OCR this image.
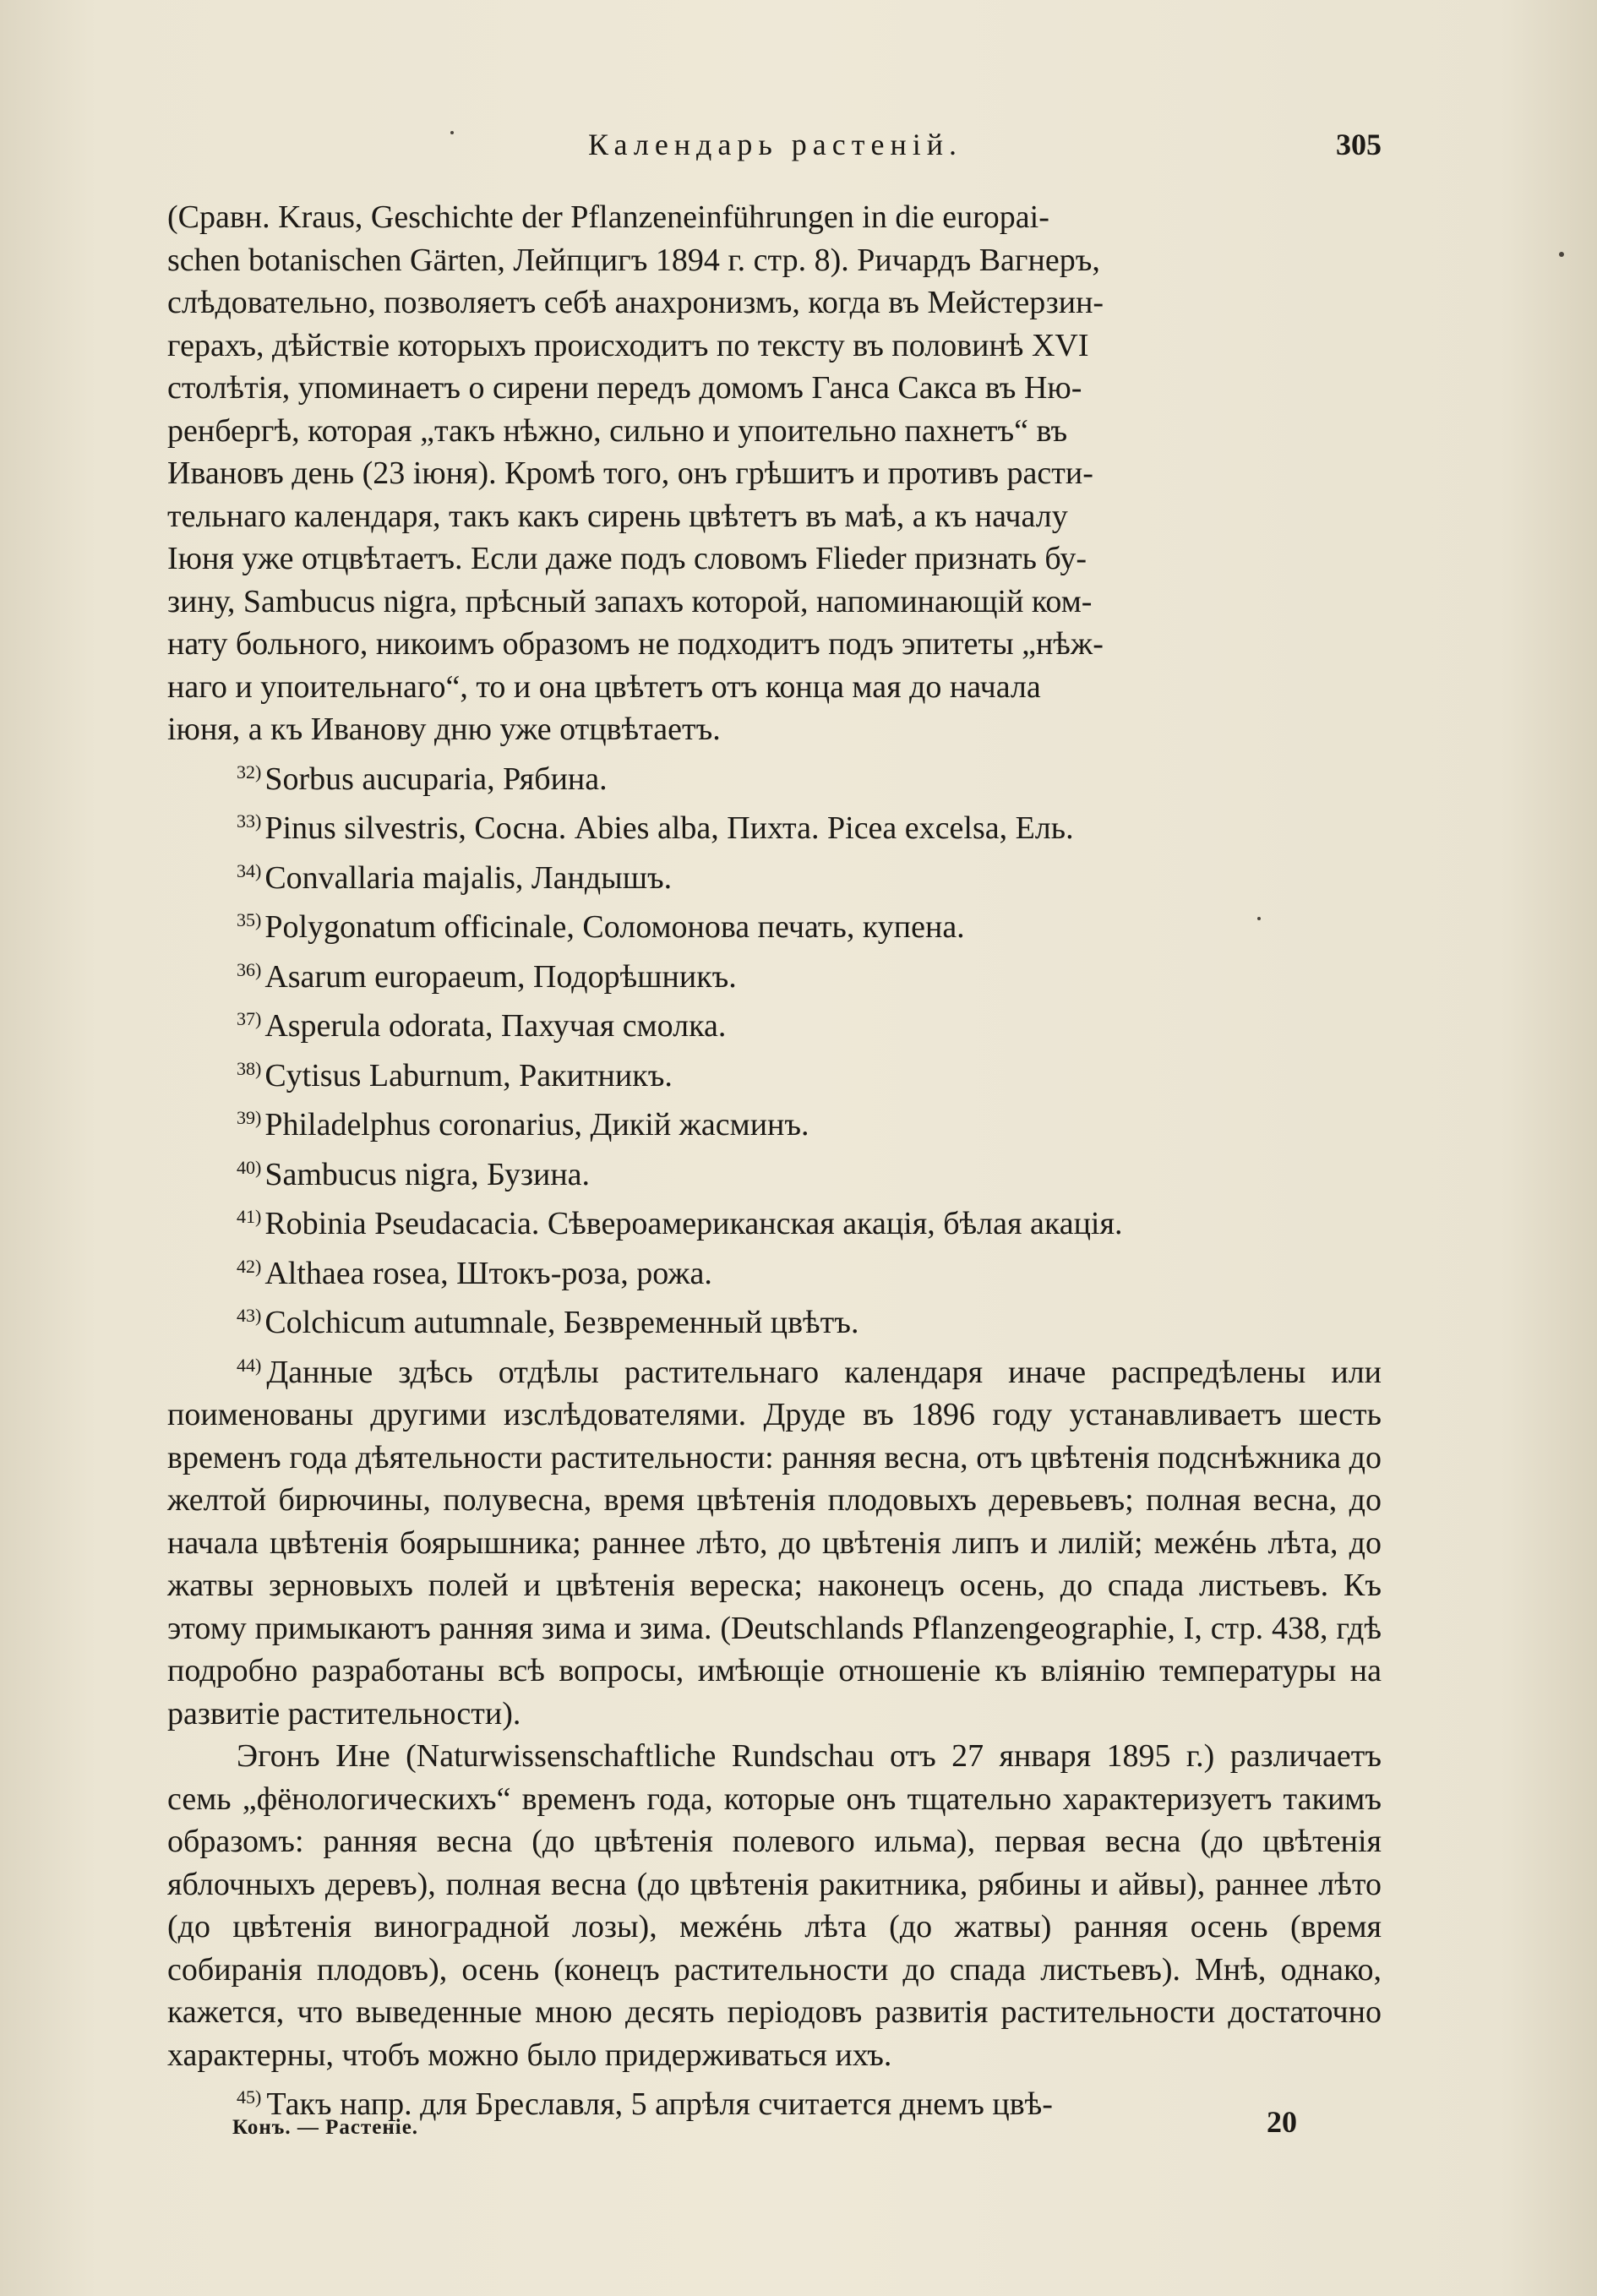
Календарь растеній.	305
(Сравн. Kraus, Geschichte der Pflanzeneinführungen in die europai-
schen botanischen Gärten, Лейпцигъ 1894 г. стр. 8). Ричардъ Вагнеръ,
слѣдовательно, позволяетъ себѣ анахронизмъ, когда въ Мейстерзин-
герахъ, дѣйствіе которыхъ происходитъ по тексту въ половинѣ XVI
столѣтія, упоминаетъ о сирени передъ домомъ Ганса Сакса въ Ню-
ренбергѣ, которая „такъ нѣжно, сильно и упоительно пахнетъ“ въ
Ивановъ день (23 іюня). Кромѣ того, онъ грѣшитъ и противъ расти-
тельнаго календаря, такъ какъ сирень цвѣтетъ въ маѣ, а къ началу
Іюня уже отцвѣтаетъ. Если даже подъ словомъ Flieder признать бу-
зину, Sambucus nigra, прѣсный запахъ которой, напоминающій ком-
нату больного, никоимъ образомъ не подходитъ подъ эпитеты „нѣж-
наго и упоительнаго“, то и она цвѣтетъ отъ конца мая до начала
іюня, а къ Иванову дню уже отцвѣтаетъ.
$^{32)}$ Sorbus aucuparia, Рябина.
$^{33)}$ Pinus silvestris, Сосна. Abies alba, Пихта. Picea excelsa, Ель.
$^{34)}$ Convallaria majalis, Ландышъ.
$^{35)}$ Polygonatum officinale, Соломонова печать, купена.
$^{36)}$ Asarum europaeum, Подорѣшникъ.
$^{37)}$ Asperula odorata, Пахучая смолка.
$^{38)}$ Cytisus Laburnum, Ракитникъ.
$^{39)}$ Philadelphus coronarius, Дикій жасминъ.
$^{40)}$ Sambucus nigra, Бузина.
$^{41)}$ Robinia Pseudacacia. Сѣвероамериканская акація, бѣлая акація.
$^{42)}$ Althaea rosea, Штокъ-роза, рожа.
$^{43)}$ Colchicum autumnale, Безвременный цвѣтъ.

$^{44)}$ Данные здѣсь отдѣлы растительнаго календаря иначе распредѣлены или поименованы другими изслѣдователями. Друде въ 1896 году устанавливаетъ шесть временъ года дѣятельности растительности: ранняя весна, отъ цвѣтенія подснѣжника до желтой бирючины, полувесна, время цвѣтенія плодовыхъ деревьевъ; полная весна, до начала цвѣтенія боярышника; раннее лѣто, до цвѣтенія липъ и лилій; межéнь лѣта, до жатвы зерновыхъ полей и цвѣтенія вереска; наконецъ осень, до спада листьевъ. Къ этому примыкаютъ ранняя зима и зима. (Deutschlands Pflanzengeographie, I, стр. 438, гдѣ подробно разработаны всѣ вопросы, имѣющіе отношеніе къ вліянію температуры на развитіе растительности).

Эгонъ Ине (Naturwissenschaftliche Rundschau отъ 27 января 1895 г.) различаетъ семь „фёнологическихъ“ временъ года, которые онъ тщательно характеризуетъ такимъ образомъ: ранняя весна (до цвѣтенія полевого ильма), первая весна (до цвѣтенія яблочныхъ деревъ), полная весна (до цвѣтенія ракитника, рябины и айвы), раннее лѣто (до цвѣтенія виноградной лозы), межéнь лѣта (до жатвы) ранняя осень (время собиранія плодовъ), осень (конецъ растительности до спада листьевъ). Мнѣ, однако, кажется, что выведенные мною десять періодовъ развитія растительности достаточно характерны, чтобъ можно было придерживаться ихъ.

$^{45)}$ Такъ напр. для Бреславля, 5 апрѣля считается днемъ цвѣ-

Конъ. — Растеніе.	20
